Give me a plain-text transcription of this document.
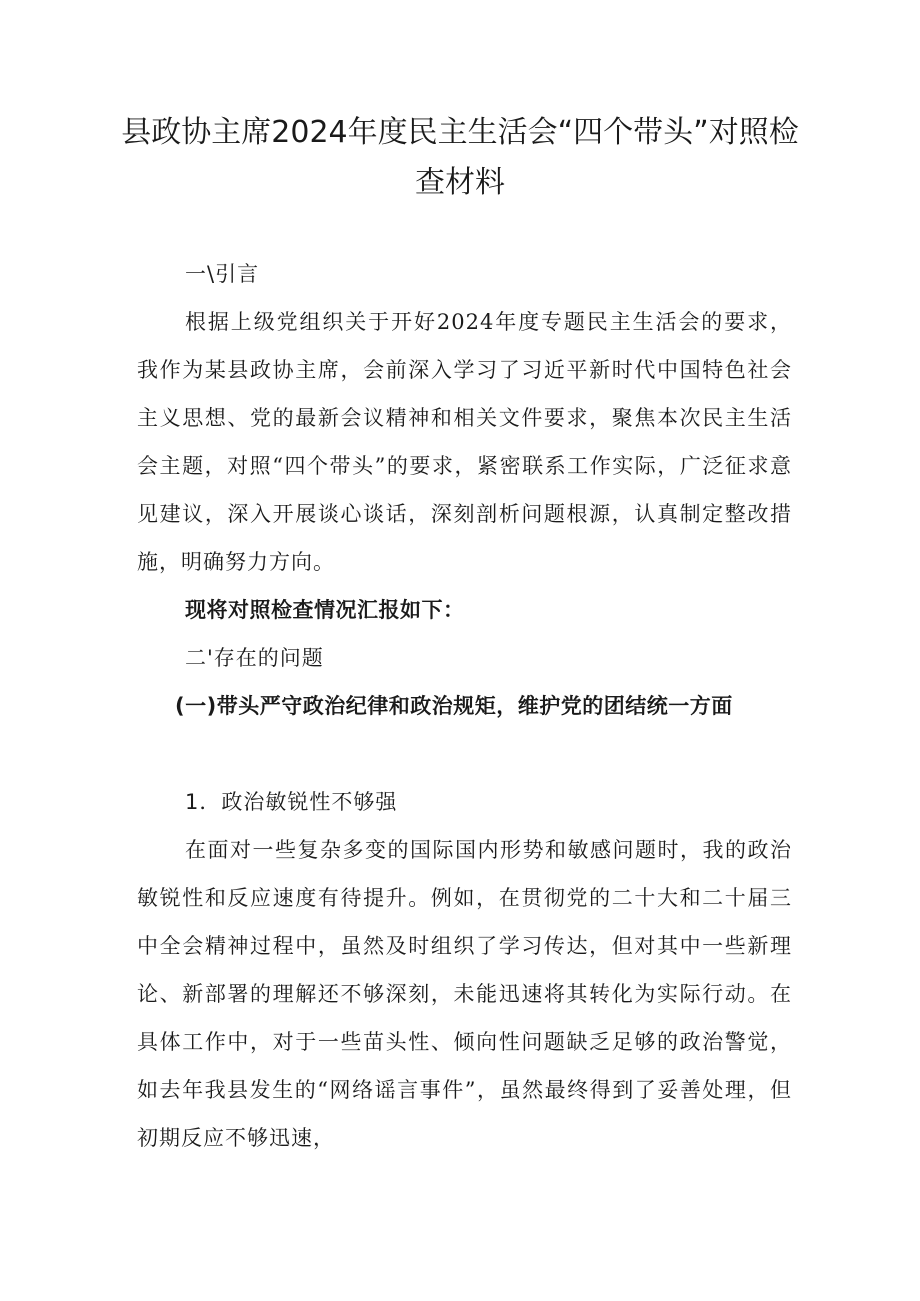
县政协主席2024年度民主生活会“四个带头”对照检查材料

一\引言

根据上级党组织关于开好2024年度专题民主生活会的要求，我作为某县政协主席，会前深入学习了习近平新时代中国特色社会主义思想、党的最新会议精神和相关文件要求，聚焦本次民主生活会主题，对照“四个带头”的要求，紧密联系工作实际，广泛征求意见建议，深入开展谈心谈话，深刻剖析问题根源，认真制定整改措施，明确努力方向。

现将对照检查情况汇报如下：

二'存在的问题

(一)带头严守政治纪律和政治规矩，维护党的团结统一方面

1．政治敏锐性不够强

在面对一些复杂多变的国际国内形势和敏感问题时，我的政治敏锐性和反应速度有待提升。例如，在贯彻党的二十大和二十届三中全会精神过程中，虽然及时组织了学习传达，但对其中一些新理论、新部署的理解还不够深刻，未能迅速将其转化为实际行动。在具体工作中，对于一些苗头性、倾向性问题缺乏足够的政治警觉，如去年我县发生的“网络谣言事件”，虽然最终得到了妥善处理，但初期反应不够迅速，
